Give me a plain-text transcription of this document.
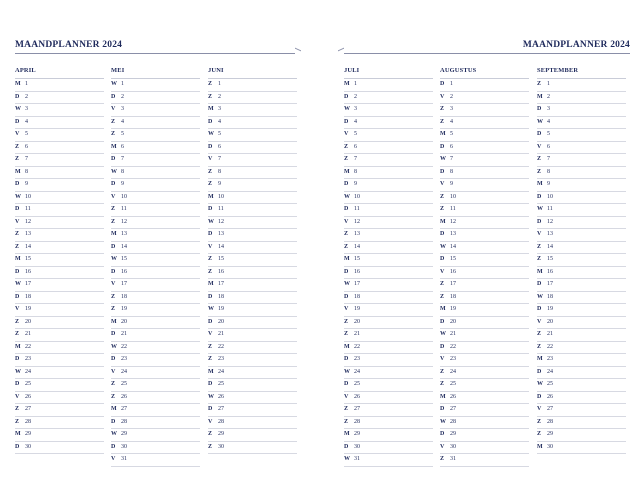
MAANDPLANNER 2024
APRIL
M 1
D 2
W 3
D 4
V 5
Z 6
Z 7
M 8
D 9
W 10
D 11
V 12
Z 13
Z 14
M 15
D 16
W 17
D 18
V 19
Z 20
Z 21
M 22
D 23
W 24
D 25
V 26
Z 27
Z 28
M 29
D 30
MEI
W 1
D 2
V 3
Z 4
Z 5
M 6
D 7
W 8
D 9
V 10
Z 11
Z 12
M 13
D 14
W 15
D 16
V 17
Z 18
Z 19
M 20
D 21
W 22
D 23
V 24
Z 25
Z 26
M 27
D 28
W 29
D 30
V 31
JUNI
Z 1
Z 2
M 3
D 4
W 5
D 6
V 7
Z 8
Z 9
M 10
D 11
W 12
D 13
V 14
Z 15
Z 16
M 17
D 18
W 19
D 20
V 21
Z 22
Z 23
M 24
D 25
W 26
D 27
V 28
Z 29
Z 30
MAANDPLANNER 2024
JULI
M 1
D 2
W 3
D 4
V 5
Z 6
Z 7
M 8
D 9
W 10
D 11
V 12
Z 13
Z 14
M 15
D 16
W 17
D 18
V 19
Z 20
Z 21
M 22
D 23
W 24
D 25
V 26
Z 27
Z 28
M 29
D 30
W 31
AUGUSTUS
D 1
V 2
Z 3
Z 4
M 5
D 6
W 7
D 8
V 9
Z 10
Z 11
M 12
D 13
W 14
D 15
V 16
Z 17
Z 18
M 19
D 20
W 21
D 22
V 23
Z 24
Z 25
M 26
D 27
W 28
D 29
V 30
Z 31
SEPTEMBER
Z 1
M 2
D 3
W 4
D 5
V 6
Z 7
Z 8
M 9
D 10
W 11
D 12
V 13
Z 14
Z 15
M 16
D 17
W 18
D 19
V 20
Z 21
Z 22
M 23
D 24
W 25
D 26
V 27
Z 28
Z 29
M 30
